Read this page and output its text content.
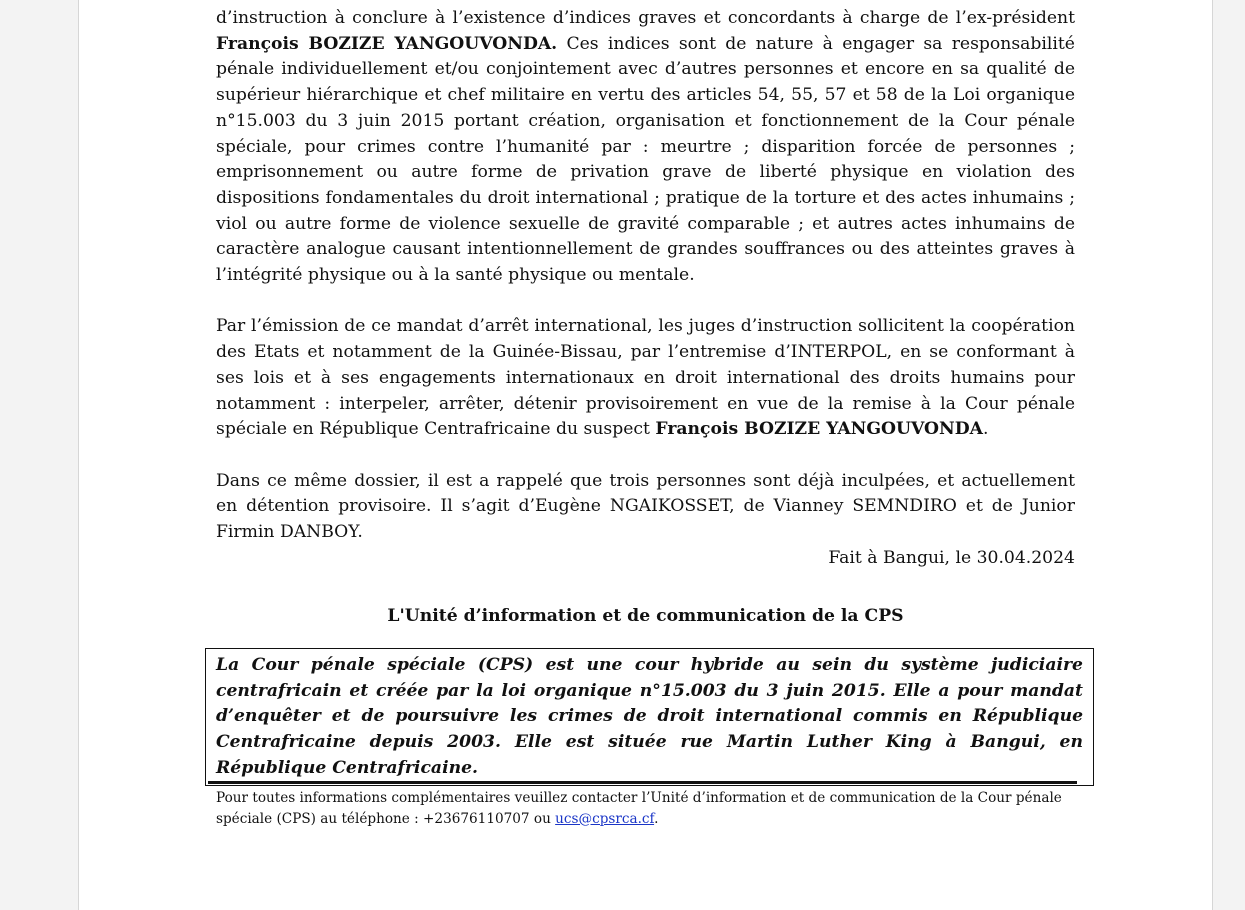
d’instruction à conclure à l’existence d’indices graves et concordants à charge de l’ex-président François BOZIZE YANGOUVONDA. Ces indices sont de nature à engager sa responsabilité pénale individuellement et/ou conjointement avec d’autres personnes et encore en sa qualité de supérieur hiérarchique et chef militaire en vertu des articles 54, 55, 57 et 58 de la Loi organique n°15.003 du 3 juin 2015 portant création, organisation et fonctionnement de la Cour pénale spéciale, pour crimes contre l’humanité par : meurtre ; disparition forcée de personnes ; emprisonnement ou autre forme de privation grave de liberté physique en violation des dispositions fondamentales du droit international ; pratique de la torture et des actes inhumains ; viol ou autre forme de violence sexuelle de gravité comparable ; et autres actes inhumains de caractère analogue causant intentionnellement de grandes souffrances ou des atteintes graves à l’intégrité physique ou à la santé physique ou mentale.

Par l’émission de ce mandat d’arrêt international, les juges d’instruction sollicitent la coopération des Etats et notamment de la Guinée-Bissau, par l’entremise d’INTERPOL, en se conformant à ses lois et à ses engagements internationaux en droit international des droits humains pour notamment : interpeler, arrêter, détenir provisoirement en vue de la remise à la Cour pénale spéciale en République Centrafricaine du suspect François BOZIZE YANGOUVONDA.

Dans ce même dossier, il est a rappelé que trois personnes sont déjà inculpées, et actuellement en détention provisoire. Il s’agit d’Eugène NGAIKOSSET, de Vianney SEMNDIRO et de Junior Firmin DANBOY.

Fait à Bangui, le 30.04.2024

L'Unité d’information et de communication de la CPS
La Cour pénale spéciale (CPS) est une cour hybride au sein du système judiciaire centrafricain et créée par la loi organique n°15.003 du 3 juin 2015. Elle a pour mandat d’enquêter et de poursuivre les crimes de droit international commis en République Centrafricaine depuis 2003. Elle est située rue Martin Luther King à Bangui, en République Centrafricaine.
Pour toutes informations complémentaires veuillez contacter l’Unité d’information et de communication de la Cour pénale spéciale (CPS) au téléphone : +23676110707 ou ucs@cpsrca.cf.
